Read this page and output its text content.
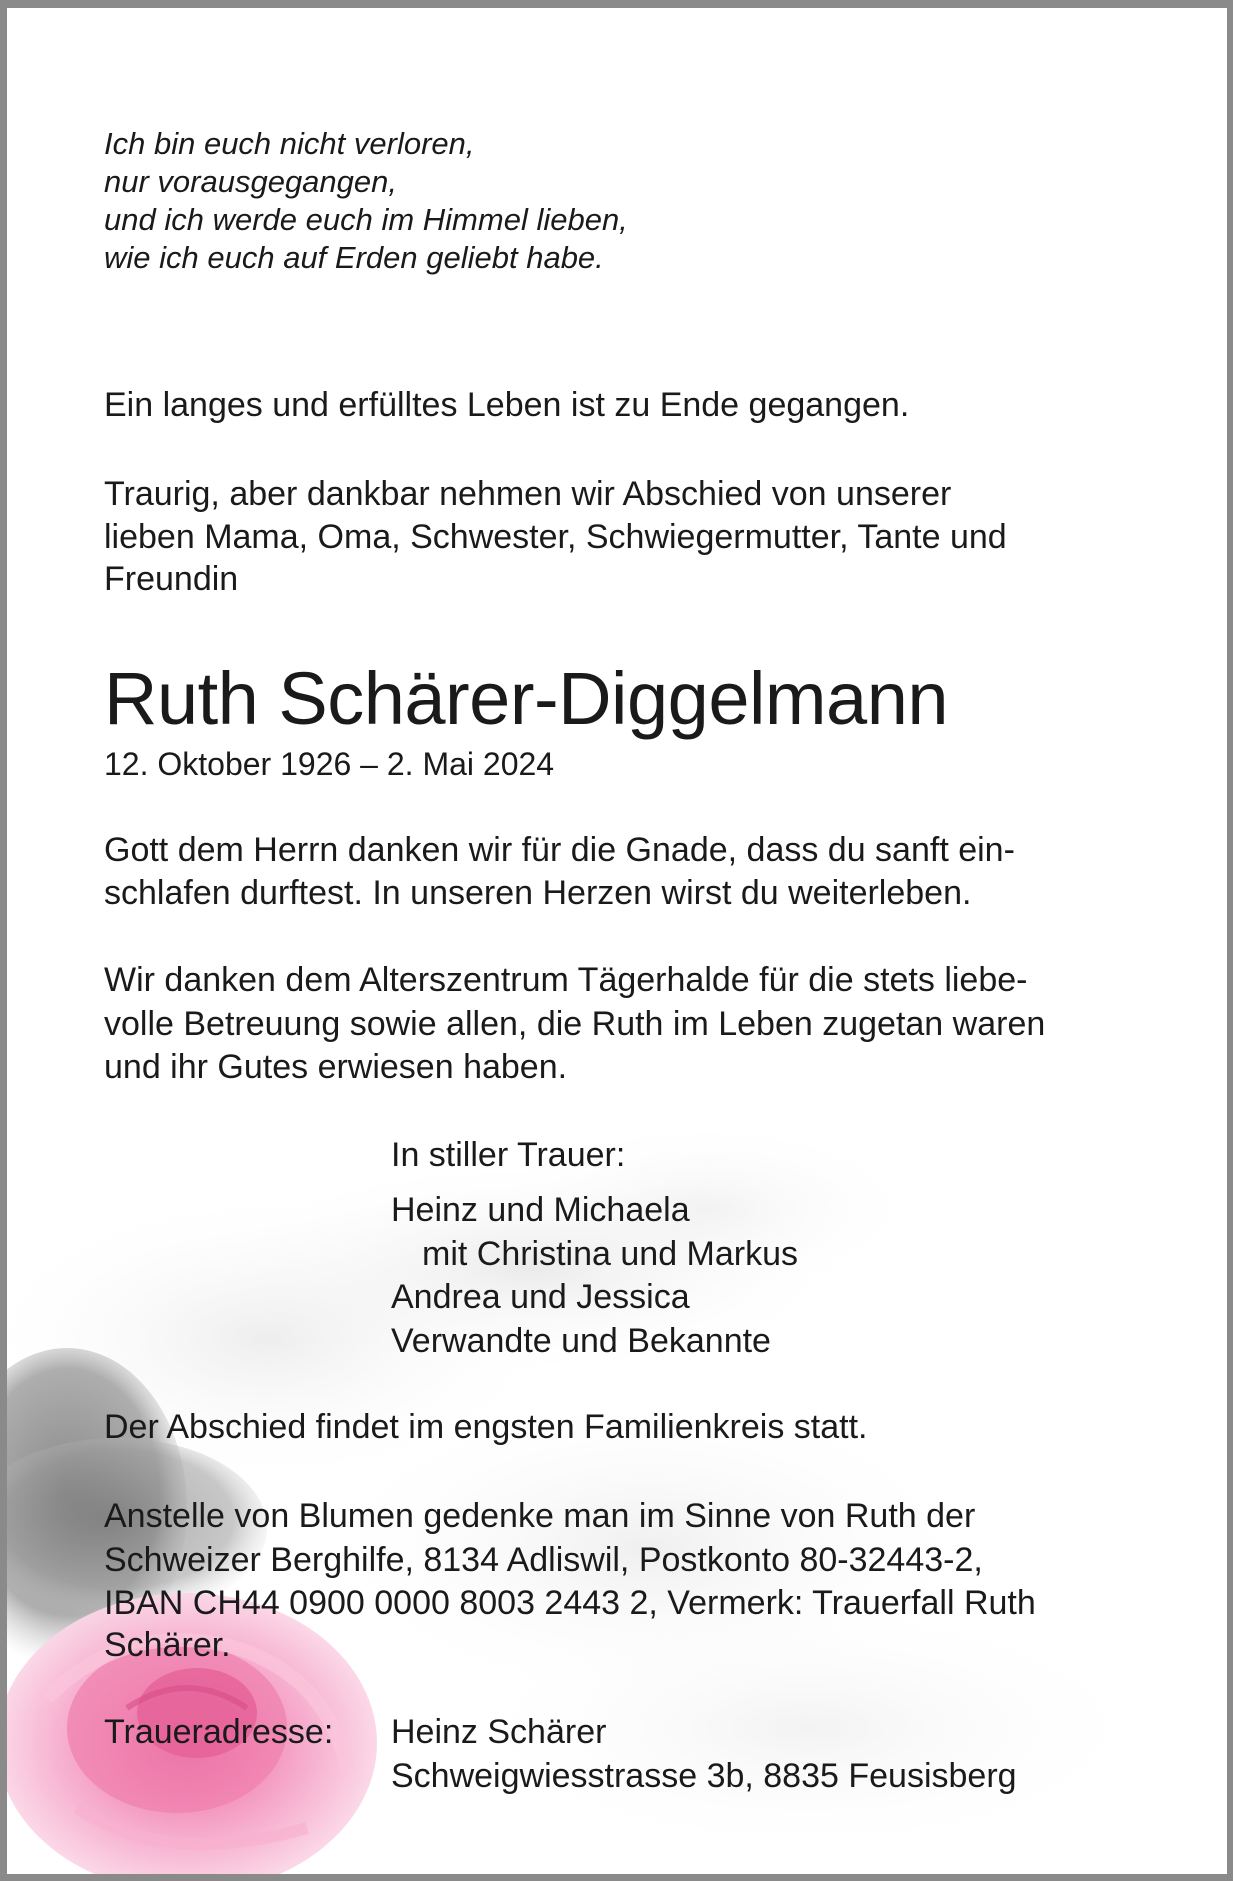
Ich bin euch nicht verloren,

nur vorausgegangen,

und ich werde euch im Himmel lieben,

wie ich euch auf Erden geliebt habe.

Ein langes und erfülltes Leben ist zu Ende gegangen.

Traurig, aber dankbar nehmen wir Abschied von unserer

lieben Mama, Oma, Schwester, Schwiegermutter, Tante und

Freundin

Ruth Schärer-Diggelmann

12. Oktober 1926 – 2. Mai 2024

Gott dem Herrn danken wir für die Gnade, dass du sanft ein-

schlafen durftest. In unseren Herzen wirst du weiterleben.

Wir danken dem Alterszentrum Tägerhalde für die stets liebe-

volle Betreuung sowie allen, die Ruth im Leben zugetan waren

und ihr Gutes erwiesen haben.

In stiller Trauer:

Heinz und Michaela

mit Christina und Markus

Andrea und Jessica

Verwandte und Bekannte

Der Abschied findet im engsten Familienkreis statt.

Anstelle von Blumen gedenke man im Sinne von Ruth der

Schweizer Berghilfe, 8134 Adliswil, Postkonto 80-32443-2,

IBAN CH44 0900 0000 8003 2443 2, Vermerk: Trauerfall Ruth

Schärer.

Traueradresse: Heinz Schärer

Schweigwiesstrasse 3b, 8835 Feusisberg
